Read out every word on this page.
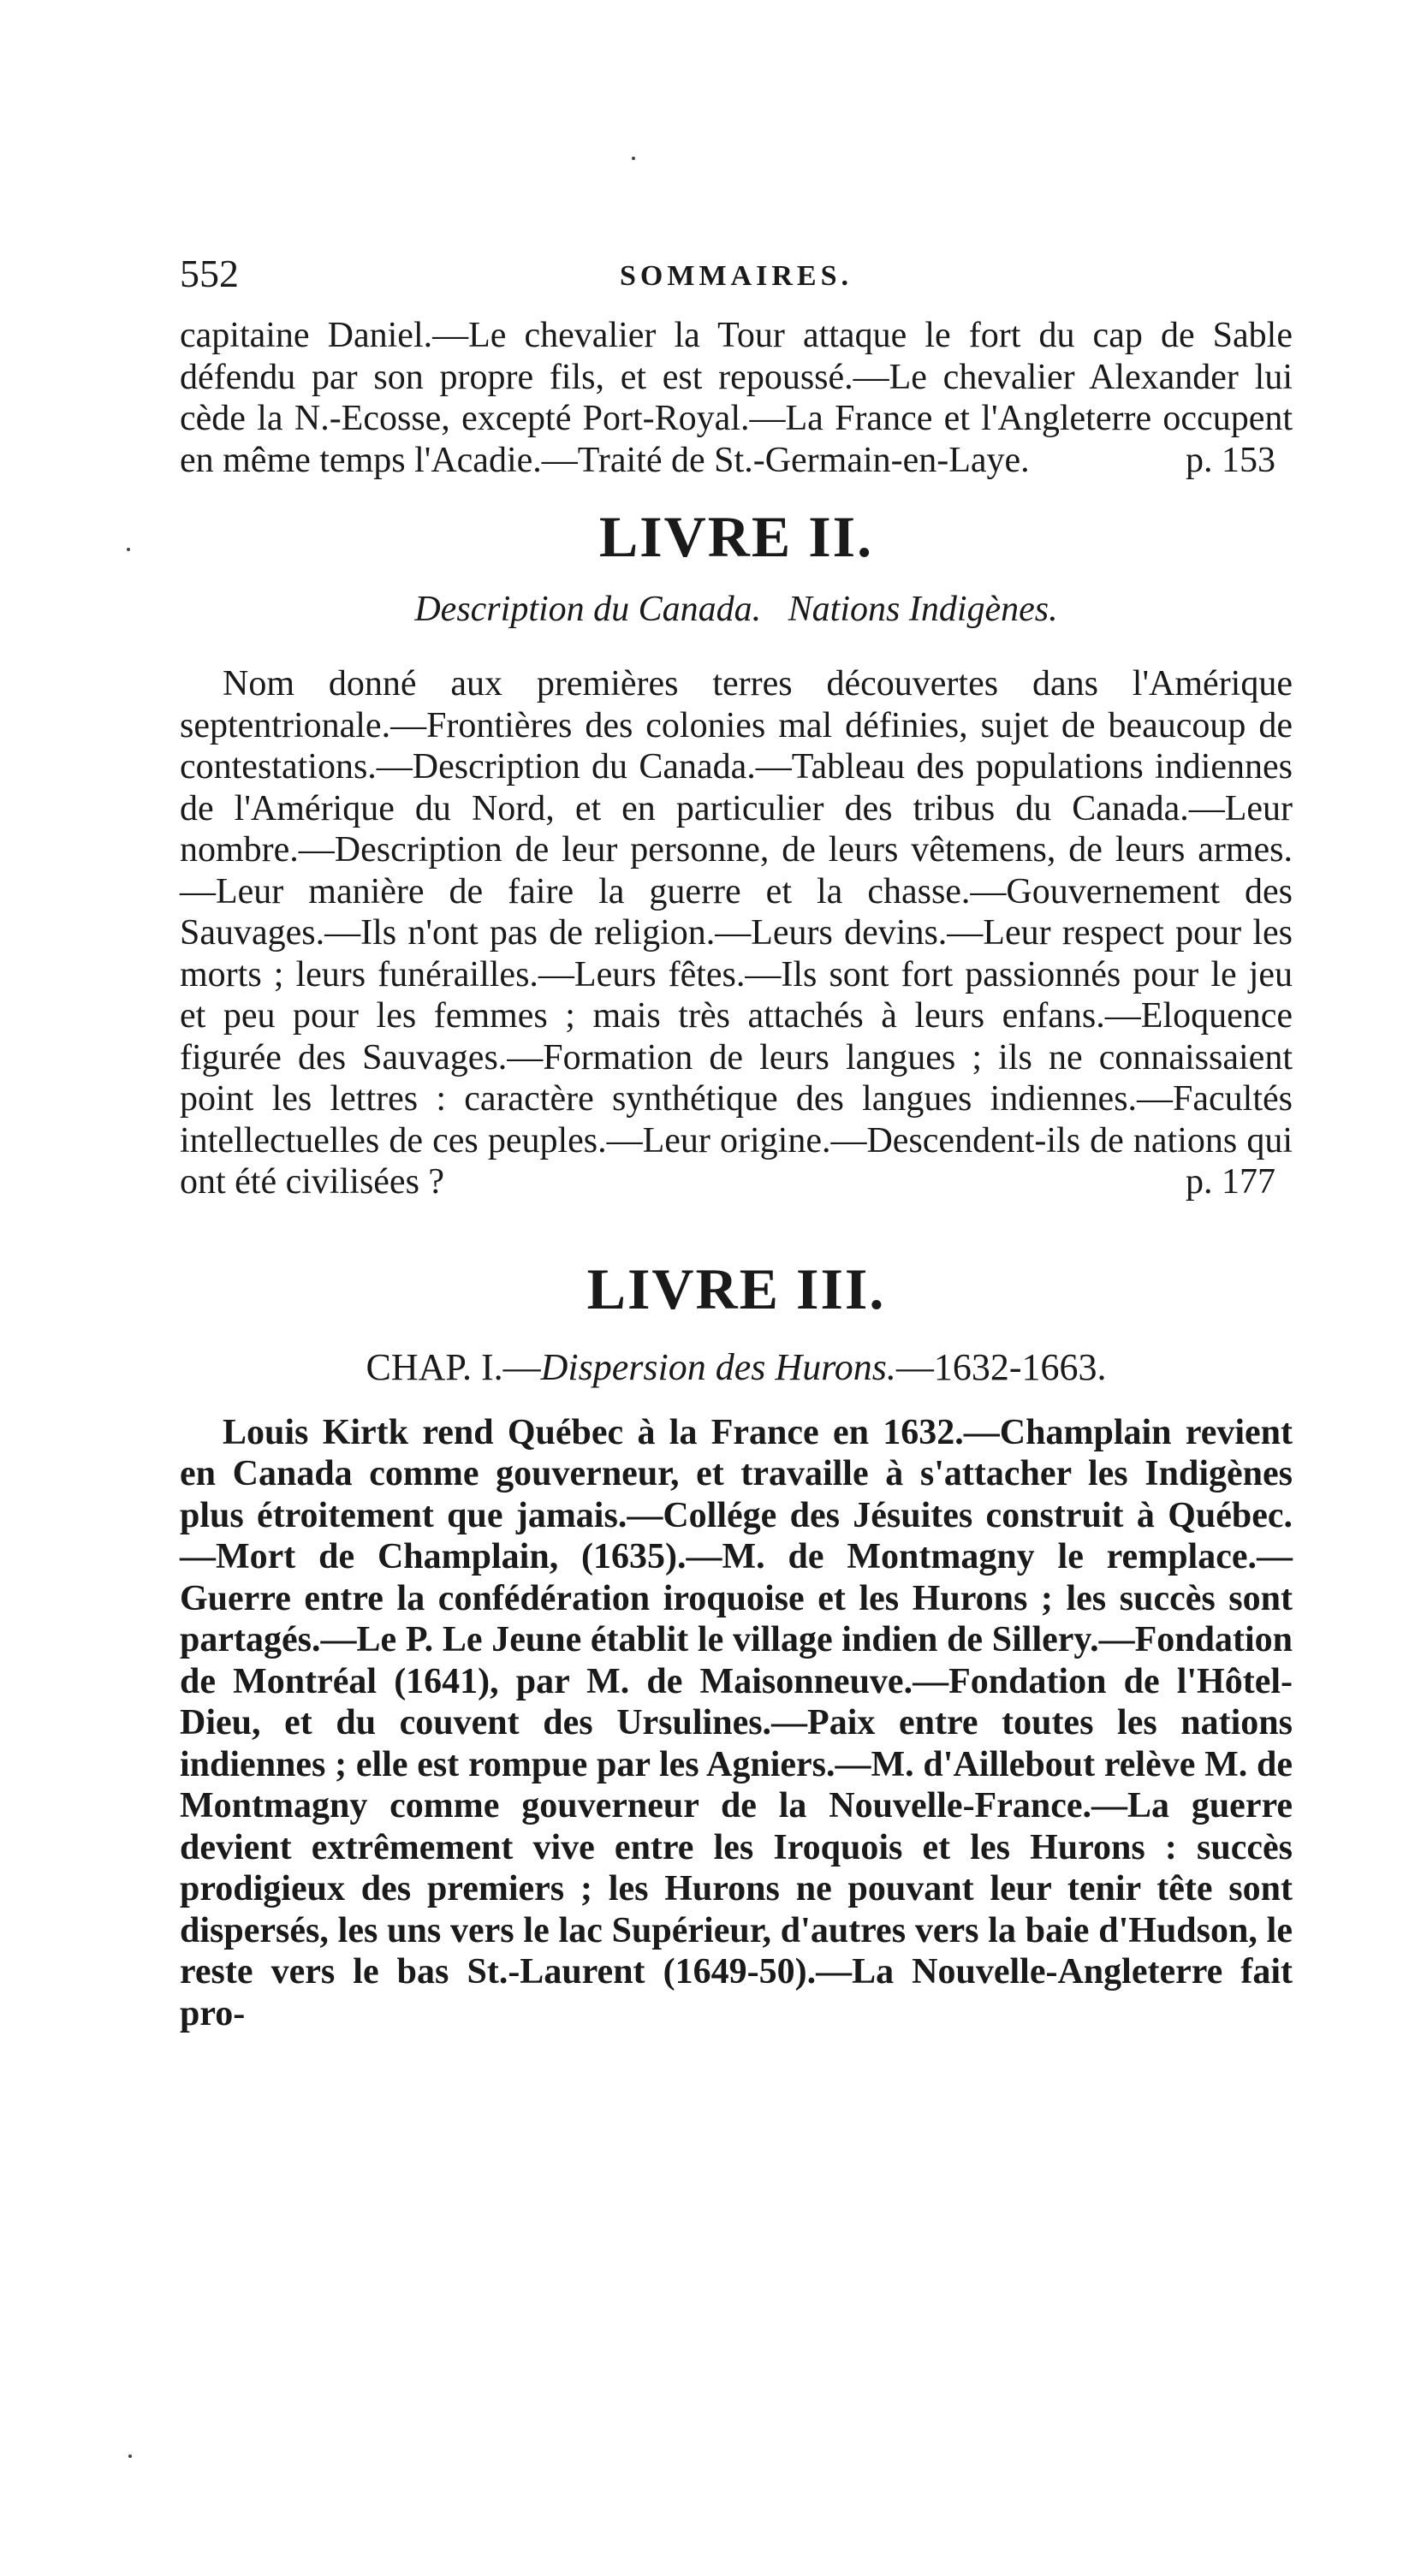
552	SOMMAIRES.

capitaine Daniel.—Le chevalier la Tour attaque le fort du cap de Sable défendu par son propre fils, et est repoussé.—Le chevalier Alexander lui cède la N.-Ecosse, excepté Port-Royal.—La France et l'Angleterre occupent en même temps l'Acadie.—Traité de St.-Germain-en-Laye.	p. 153

LIVRE II.

Description du Canada. Nations Indigènes.

Nom donné aux premières terres découvertes dans l'Amérique septentrionale.—Frontières des colonies mal définies, sujet de beaucoup de contestations.—Description du Canada.—Tableau des populations indiennes de l'Amérique du Nord, et en particulier des tribus du Canada.—Leur nombre.—Description de leur personne, de leurs vêtemens, de leurs armes.—Leur manière de faire la guerre et la chasse.—Gouvernement des Sauvages.—Ils n'ont pas de religion.—Leurs devins.—Leur respect pour les morts ; leurs funérailles.—Leurs fêtes.—Ils sont fort passionnés pour le jeu et peu pour les femmes ; mais très attachés à leurs enfans.—Eloquence figurée des Sauvages.—Formation de leurs langues ; ils ne connaissaient point les lettres : caractère synthétique des langues indiennes.—Facultés intellectuelles de ces peuples.—Leur origine.—Descendent-ils de nations qui ont été civilisées ?	p. 177

LIVRE III.

CHAP. I.—Dispersion des Hurons.—1632-1663.

Louis Kirtk rend Québec à la France en 1632.—Champlain revient en Canada comme gouverneur, et travaille à s'attacher les Indigènes plus étroitement que jamais.—Collége des Jésuites construit à Québec.—Mort de Champlain, (1635).—M. de Montmagny le remplace.—Guerre entre la confédération iroquoise et les Hurons ; les succès sont partagés.—Le P. Le Jeune établit le village indien de Sillery.—Fondation de Montréal (1641), par M. de Maisonneuve.—Fondation de l'Hôtel-Dieu, et du couvent des Ursulines.—Paix entre toutes les nations indiennes ; elle est rompue par les Agniers.—M. d'Aillebout relève M. de Montmagny comme gouverneur de la Nouvelle-France.—La guerre devient extrêmement vive entre les Iroquois et les Hurons : succès prodigieux des premiers ; les Hurons ne pouvant leur tenir tête sont dispersés, les uns vers le lac Supérieur, d'autres vers la baie d'Hudson, le reste vers le bas St.-Laurent (1649-50).—La Nouvelle-Angleterre fait pro-
